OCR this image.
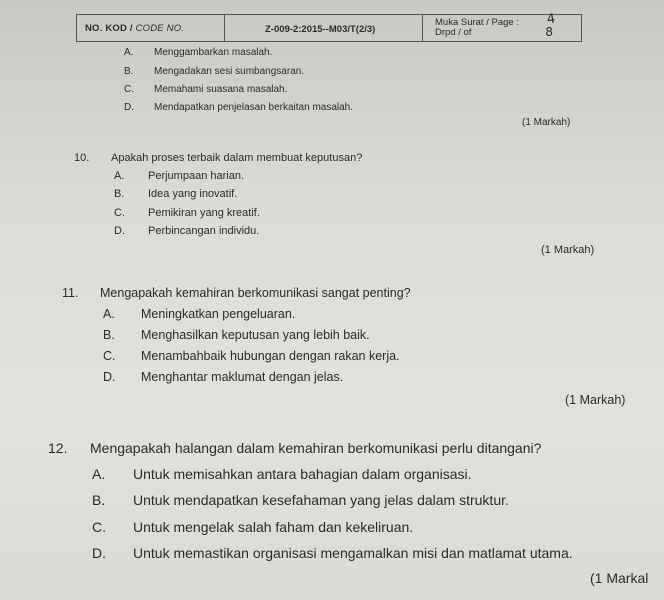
NO. KOD / CODE NO.	Z-009-2:2015--M03/T(2/3)
Muka Surat / Page :
Drpd / of
4
8
A. Menggambarkan masalah.
B. Mengadakan sesi sumbangsaran.
C. Memahami suasana masalah.
D. Mendapatkan penjelasan berkaitan masalah.
(1 Markah)
10. Apakah proses terbaik dalam membuat keputusan?
A. Perjumpaan harian.
B. Idea yang inovatif.
C. Pemikiran yang kreatif.
D. Perbincangan individu.
(1 Markah)
11. Mengapakah kemahiran berkomunikasi sangat penting?
A. Meningkatkan pengeluaran.
B. Menghasilkan keputusan yang lebih baik.
C. Menambahbaik hubungan dengan rakan kerja.
D. Menghantar maklumat dengan jelas.
(1 Markah)
12. Mengapakah halangan dalam kemahiran berkomunikasi perlu ditangani?
A. Untuk memisahkan antara bahagian dalam organisasi.
B. Untuk mendapatkan kesefahaman yang jelas dalam struktur.
C. Untuk mengelak salah faham dan kekeliruan.
D. Untuk memastikan organisasi mengamalkan misi dan matlamat utama.
(1 Markal
